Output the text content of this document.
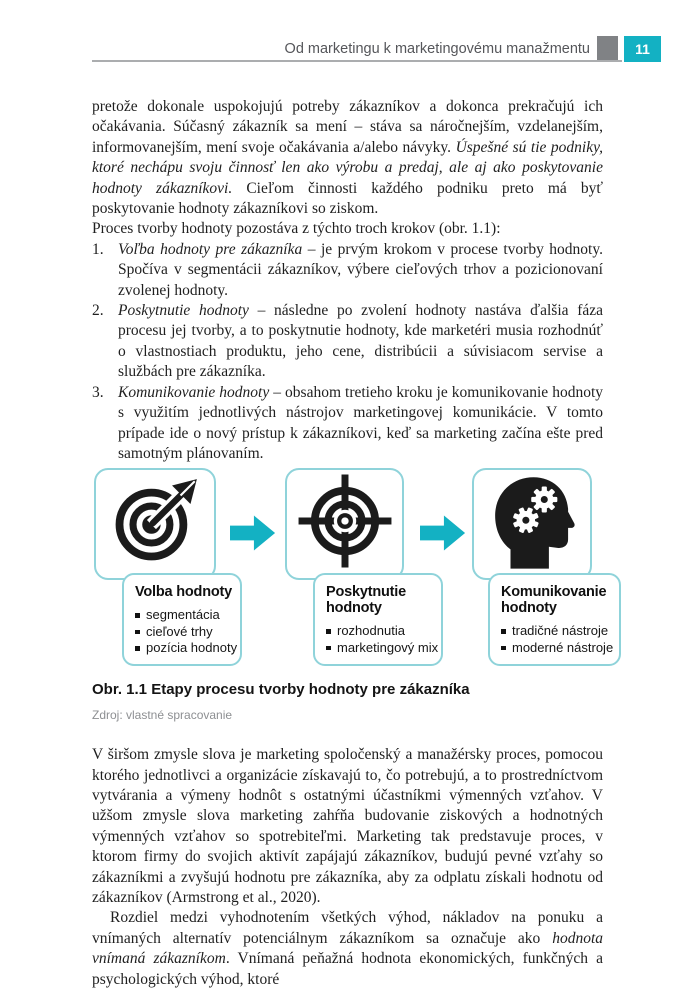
Od marketingu k marketingovému manažmentu	11

pretože dokonale uspokojujú potreby zákazníkov a dokonca prekračujú ich očakávania. Súčasný zákazník sa mení – stáva sa náročnejším, vzdelanejším, informovanejším, mení svoje očakávania a/alebo návyky. Úspešné sú tie podniky, ktoré nechápu svoju činnosť len ako výrobu a predaj, ale aj ako poskytovanie hodnoty zákazníkovi. Cieľom činnosti každého podniku preto má byť poskytovanie hodnoty zákazníkovi so ziskom.

Proces tvorby hodnoty pozostáva z týchto troch krokov (obr. 1.1):

1. Voľba hodnoty pre zákazníka – je prvým krokom v procese tvorby hodnoty. Spočíva v segmentácii zákazníkov, výbere cieľových trhov a pozicionovaní zvolenej hodnoty.
2. Poskytnutie hodnoty – následne po zvolení hodnoty nastáva ďalšia fáza procesu jej tvorby, a to poskytnutie hodnoty, kde marketéri musia rozhodnúť o vlastnostiach produktu, jeho cene, distribúcii a súvisiacom servise a službách pre zákazníka.
3. Komunikovanie hodnoty – obsahom tretieho kroku je komunikovanie hodnoty s využitím jednotlivých nástrojov marketingovej komunikácie. V tomto prípade ide o nový prístup k zákazníkovi, keď sa marketing začína ešte pred samotným plánovaním.
Volba hodnoty
segmentácia
cieľové trhy
pozícia hodnoty
Poskytnutie hodnoty
rozhodnutia
marketingový mix
Komunikovanie hodnoty
tradičné nástroje
moderné nástroje
Obr. 1.1 Etapy procesu tvorby hodnoty pre zákazníka
Zdroj: vlastné spracovanie

V širšom zmysle slova je marketing spoločenský a manažérsky proces, pomocou ktorého jednotlivci a organizácie získavajú to, čo potrebujú, a to prostredníctvom vytvárania a výmeny hodnôt s ostatnými účastníkmi výmenných vzťahov. V užšom zmysle slova marketing zahŕňa budovanie ziskových a hodnotných výmenných vzťahov so spotrebiteľmi. Marketing tak predstavuje proces, v ktorom firmy do svojich aktivít zapájajú zákazníkov, budujú pevné vzťahy so zákazníkmi a zvyšujú hodnotu pre zákazníka, aby za odplatu získali hodnotu od zákazníkov (Armstrong et al., 2020).

Rozdiel medzi vyhodnotením všetkých výhod, nákladov na ponuku a vnímaných alternatív potenciálnym zákazníkom sa označuje ako hodnota vnímaná zákazníkom. Vnímaná peňažná hodnota ekonomických, funkčných a psychologických výhod, ktoré
